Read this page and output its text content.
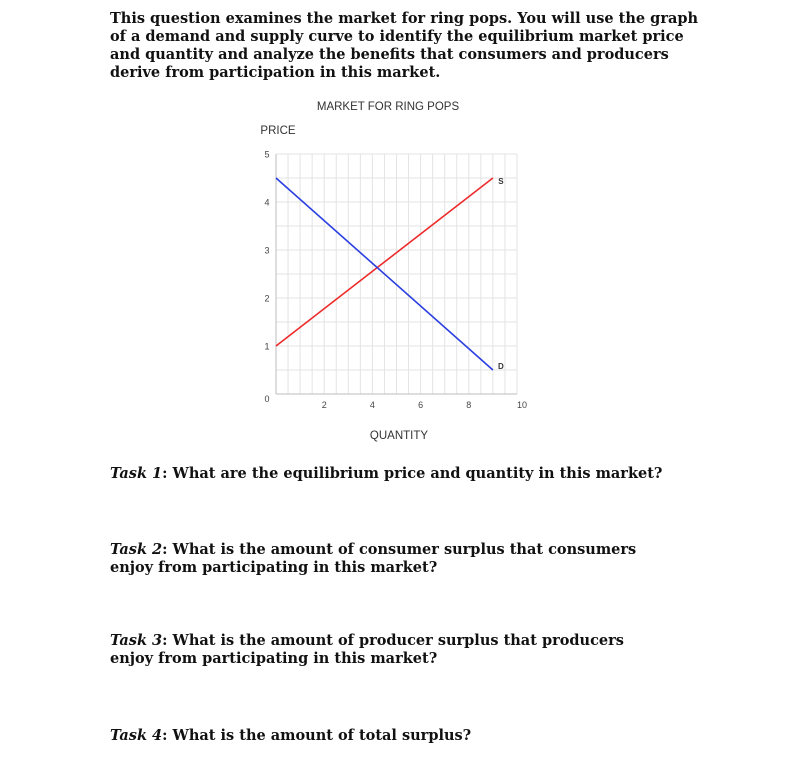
This question examines the market for ring pops. You will use the graph of a demand and supply curve to identify the equilibrium market price and quantity and analyze the benefits that consumers and producers derive from participation in this market.

MARKET FOR RING POPS
PRICE
QUANTITY
0
1
2
3
4
5
2	4	6	8	10
S
D

Task 1: What are the equilibrium price and quantity in this market?

Task 2: What is the amount of consumer surplus that consumers enjoy from participating in this market?

Task 3: What is the amount of producer surplus that producers enjoy from participating in this market?

Task 4: What is the amount of total surplus?
